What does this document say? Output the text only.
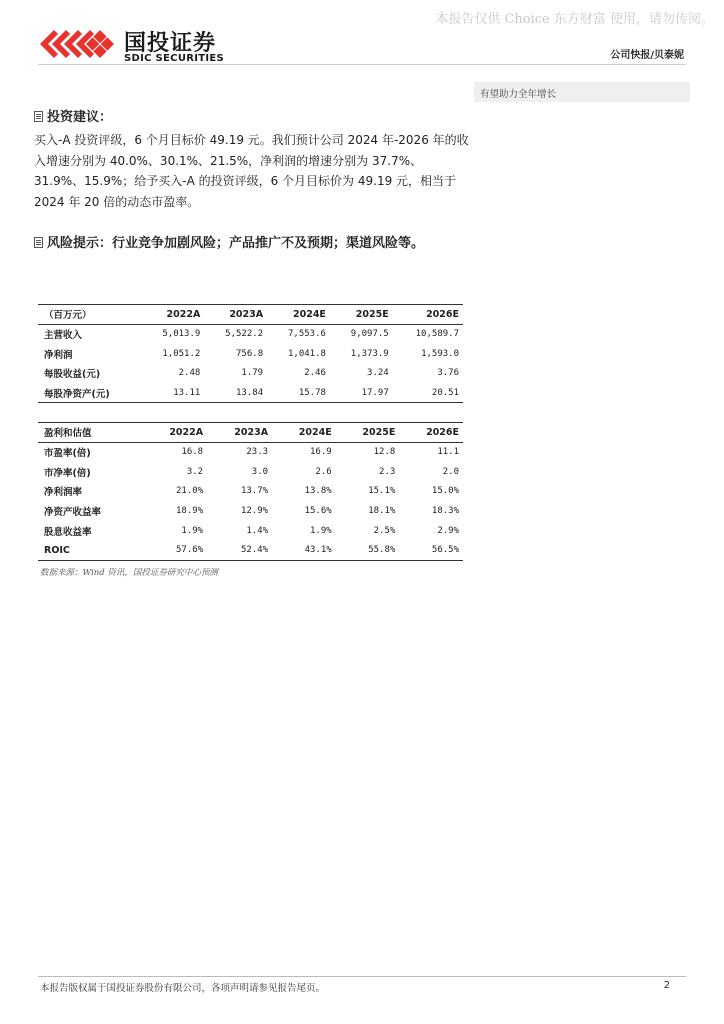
本报告仅供 Choice 东方财富 使用，请勿传阅。
国投证券
SDIC SECURITIES	公司快报/贝泰妮
有望助力全年增长
投资建议：
买入-A 投资评级，6 个月目标价 49.19 元。我们预计公司 2024 年-2026 年的收入增速分别为 40.0%、30.1%、21.5%，净利润的增速分别为 37.7%、31.9%、15.9%；给予买入-A 的投资评级，6 个月目标价为 49.19 元，相当于 2024 年 20 倍的动态市盈率。
风险提示：行业竞争加剧风险；产品推广不及预期；渠道风险等。
（百万元）	2022A	2023A	2024E	2025E	2026E
主营收入	5,013.9	5,522.2	7,553.6	9,097.5	10,589.7
净利润	1,051.2	756.8	1,041.8	1,373.9	1,593.0
每股收益(元)	2.48	1.79	2.46	3.24	3.76
每股净资产(元)	13.11	13.84	15.78	17.97	20.51
盈利和估值	2022A	2023A	2024E	2025E	2026E
市盈率(倍)	16.8	23.3	16.9	12.8	11.1
市净率(倍)	3.2	3.0	2.6	2.3	2.0
净利润率	21.0%	13.7%	13.8%	15.1%	15.0%
净资产收益率	18.9%	12.9%	15.6%	18.1%	18.3%
股息收益率	1.9%	1.4%	1.9%	2.5%	2.9%
ROIC	57.6%	52.4%	43.1%	55.8%	56.5%
数据来源：Wind 资讯，国投证券研究中心预测
本报告版权属于国投证券股份有限公司，各项声明请参见报告尾页。	2
